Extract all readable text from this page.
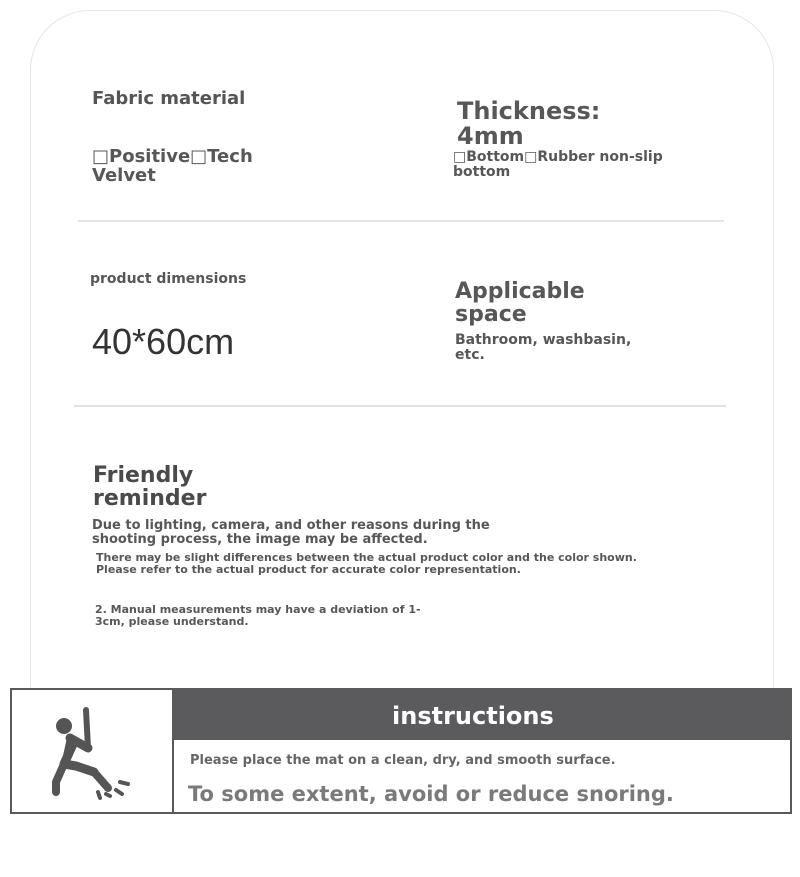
Fabric material
□Positive□Tech Velvet
Thickness: 4mm
□Bottom□Rubber non-slip bottom
product dimensions
40*60cm
Applicable space
Bathroom, washbasin, etc.
Friendly reminder
Due to lighting, camera, and other reasons during the shooting process, the image may be affected.
There may be slight differences between the actual product color and the color shown. Please refer to the actual product for accurate color representation.
2. Manual measurements may have a deviation of 1-3cm, please understand.
instructions
Please place the mat on a clean, dry, and smooth surface.
To some extent, avoid or reduce snoring.
